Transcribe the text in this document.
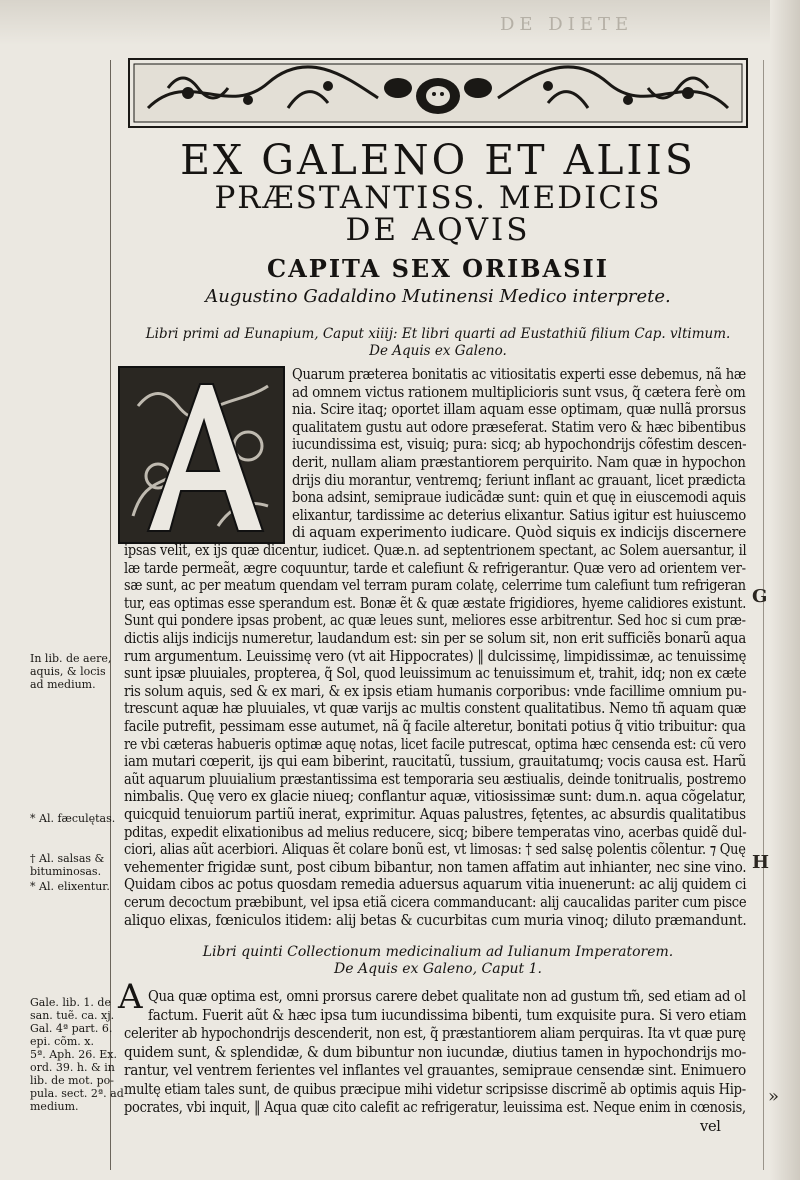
DE DIETE
EX GALENO ET ALIIS
PRÆSTANTISS. MEDICIS
DE AQVIS
CAPITA SEX ORIBASII
Augustino Gadaldino Mutinensi Medico interprete.
Libri primi ad Eunapium, Caput xiiij: Et libri quarti ad Eustathiũ filium Cap. vltimum.
De Aquis ex Galeno.
Quarum præterea bonitatis ac vitiositatis experti esse debemus, nã hæ
ad omnem victus rationem multiplicioris sunt vsus, q̃ cætera ferè om
nia. Scire itaq; oportet illam aquam esse optimam, quæ nullã prorsus
qualitatem gustu aut odore præseferat. Statim vero & hæc bibentibus
iucundissima est, visuiq; pura: sicq; ab hypochondrijs cõfestim descen-
derit, nullam aliam præstantiorem perquirito. Nam quæ in hypochon
drijs diu morantur, ventremq; feriunt inflant ac grauant, licet prædicta
bona adsint, semipraue iudicãdæ sunt: quin et quę in eiuscemodi aquis
elixantur, tardissime ac deterius elixantur. Satius igitur est huiuscemo
di aquam experimento iudicare. Quòd siquis ex indicijs discernere
ipsas velit, ex ijs quæ dicentur, iudicet. Quæ.n. ad septentrionem spectant, ac Solem auersantur, il
læ tarde permeãt, ægre coquuntur, tarde et calefiunt & refrigerantur. Quæ vero ad orientem ver-
sæ sunt, ac per meatum quendam vel terram puram colatę, celerrime tum calefiunt tum refrigeran
tur, eas optimas esse sperandum est. Bonæ ẽt & quæ æstate frigidiores, hyeme calidiores existunt.
Sunt qui pondere ipsas probent, ac quæ leues sunt, meliores esse arbitrentur. Sed hoc si cum præ-
dictis alijs indicijs numeretur, laudandum est: sin per se solum sit, non erit sufficiẽs bonarũ aqua
rum argumentum. Leuissimę vero (vt ait Hippocrates) ‖ dulcissimę, limpidissimæ, ac tenuissimę
sunt ipsæ pluuiales, propterea, q̃ Sol, quod leuissimum ac tenuissimum et, trahit, idq; non ex cæte
ris solum aquis, sed & ex mari, & ex ipsis etiam humanis corporibus: vnde facillime omnium pu-
trescunt aquæ hæ pluuiales, vt quæ varijs ac multis constent qualitatibus. Nemo tñ aquam quæ
facile putrefit, pessimam esse autumet, nã q̃ facile alteretur, bonitati potius q̃ vitio tribuitur: qua
re vbi cæteras habueris optimæ aquę notas, licet facile putrescat, optima hæc censenda est: cũ vero
iam mutari cœperit, ijs qui eam biberint, raucitatũ, tussium, grauitatumq; vocis causa est. Harũ
aũt aquarum pluuialium præstantissima est temporaria seu æstiualis, deinde tonitrualis, postremo
nimbalis. Quę vero ex glacie niueq; conflantur aquæ, vitiosissimæ sunt: dum.n. aqua cõgelatur,
quicquid tenuiorum partiũ inerat, exprimitur. Aquas palustres, fętentes, ac absurdis qualitatibus
pditas, expedit elixationibus ad melius reducere, sicq; bibere temperatas vino, acerbas quidẽ dul-
ciori, alias aũt acerbiori. Aliquas ẽt colare bonũ est, vt limosas: † sed salsę polentis cõlentur. ⁊ Quę
vehementer frigidæ sunt, post cibum bibantur, non tamen affatim aut inhianter, nec sine vino.
Quidam cibos ac potus quosdam remedia aduersus aquarum vitia inuenerunt: ac alij quidem ci
cerum decoctum præbibunt, vel ipsa etiã cicera commanducant: alij caucalidas pariter cum pisce
aliquo elixas, fœniculos itidem: alij betas & cucurbitas cum muria vinoq; diluto præmandunt.
Libri quinti Collectionum medicinalium ad Iulianum Imperatorem.
De Aquis ex Galeno, Caput 1.
A Qua quæ optima est, omni prorsus carere debet qualitate non ad gustum tm̃, sed etiam ad ol
factum. Fuerit aũt & hæc ipsa tum iucundissima bibenti, tum exquisite pura. Si vero etiam
celeriter ab hypochondrijs descenderit, non est, q̃ præstantiorem aliam perquiras. Ita vt quæ purę
quidem sunt, & splendidæ, & dum bibuntur non iucundæ, diutius tamen in hypochondrijs mo-
rantur, vel ventrem ferientes vel inflantes vel grauantes, semipraue censendæ sint. Enimuero
multę etiam tales sunt, de quibus præcipue mihi videtur scripsisse discrimẽ ab optimis aquis Hip-
pocrates, vbi inquit, ‖ Aqua quæ cito calefit ac refrigeratur, leuissima est. Neque enim in cœnosis,
vel
In lib. de aere,
aquis, & locis
ad medium.
* Al. fæculętas.
† Al. salsas &
bituminosas.
* Al. elixentur.
Gale. lib. 1. de
san. tuẽ. ca. xj.
Gal. 4ª part. 6.
epi. cõm. x.
5ª. Aph. 26. Ex.
ord. 39. h. & in
lib. de mot. po-
pula. sect. 2ª. ad
medium.
G
H
»
